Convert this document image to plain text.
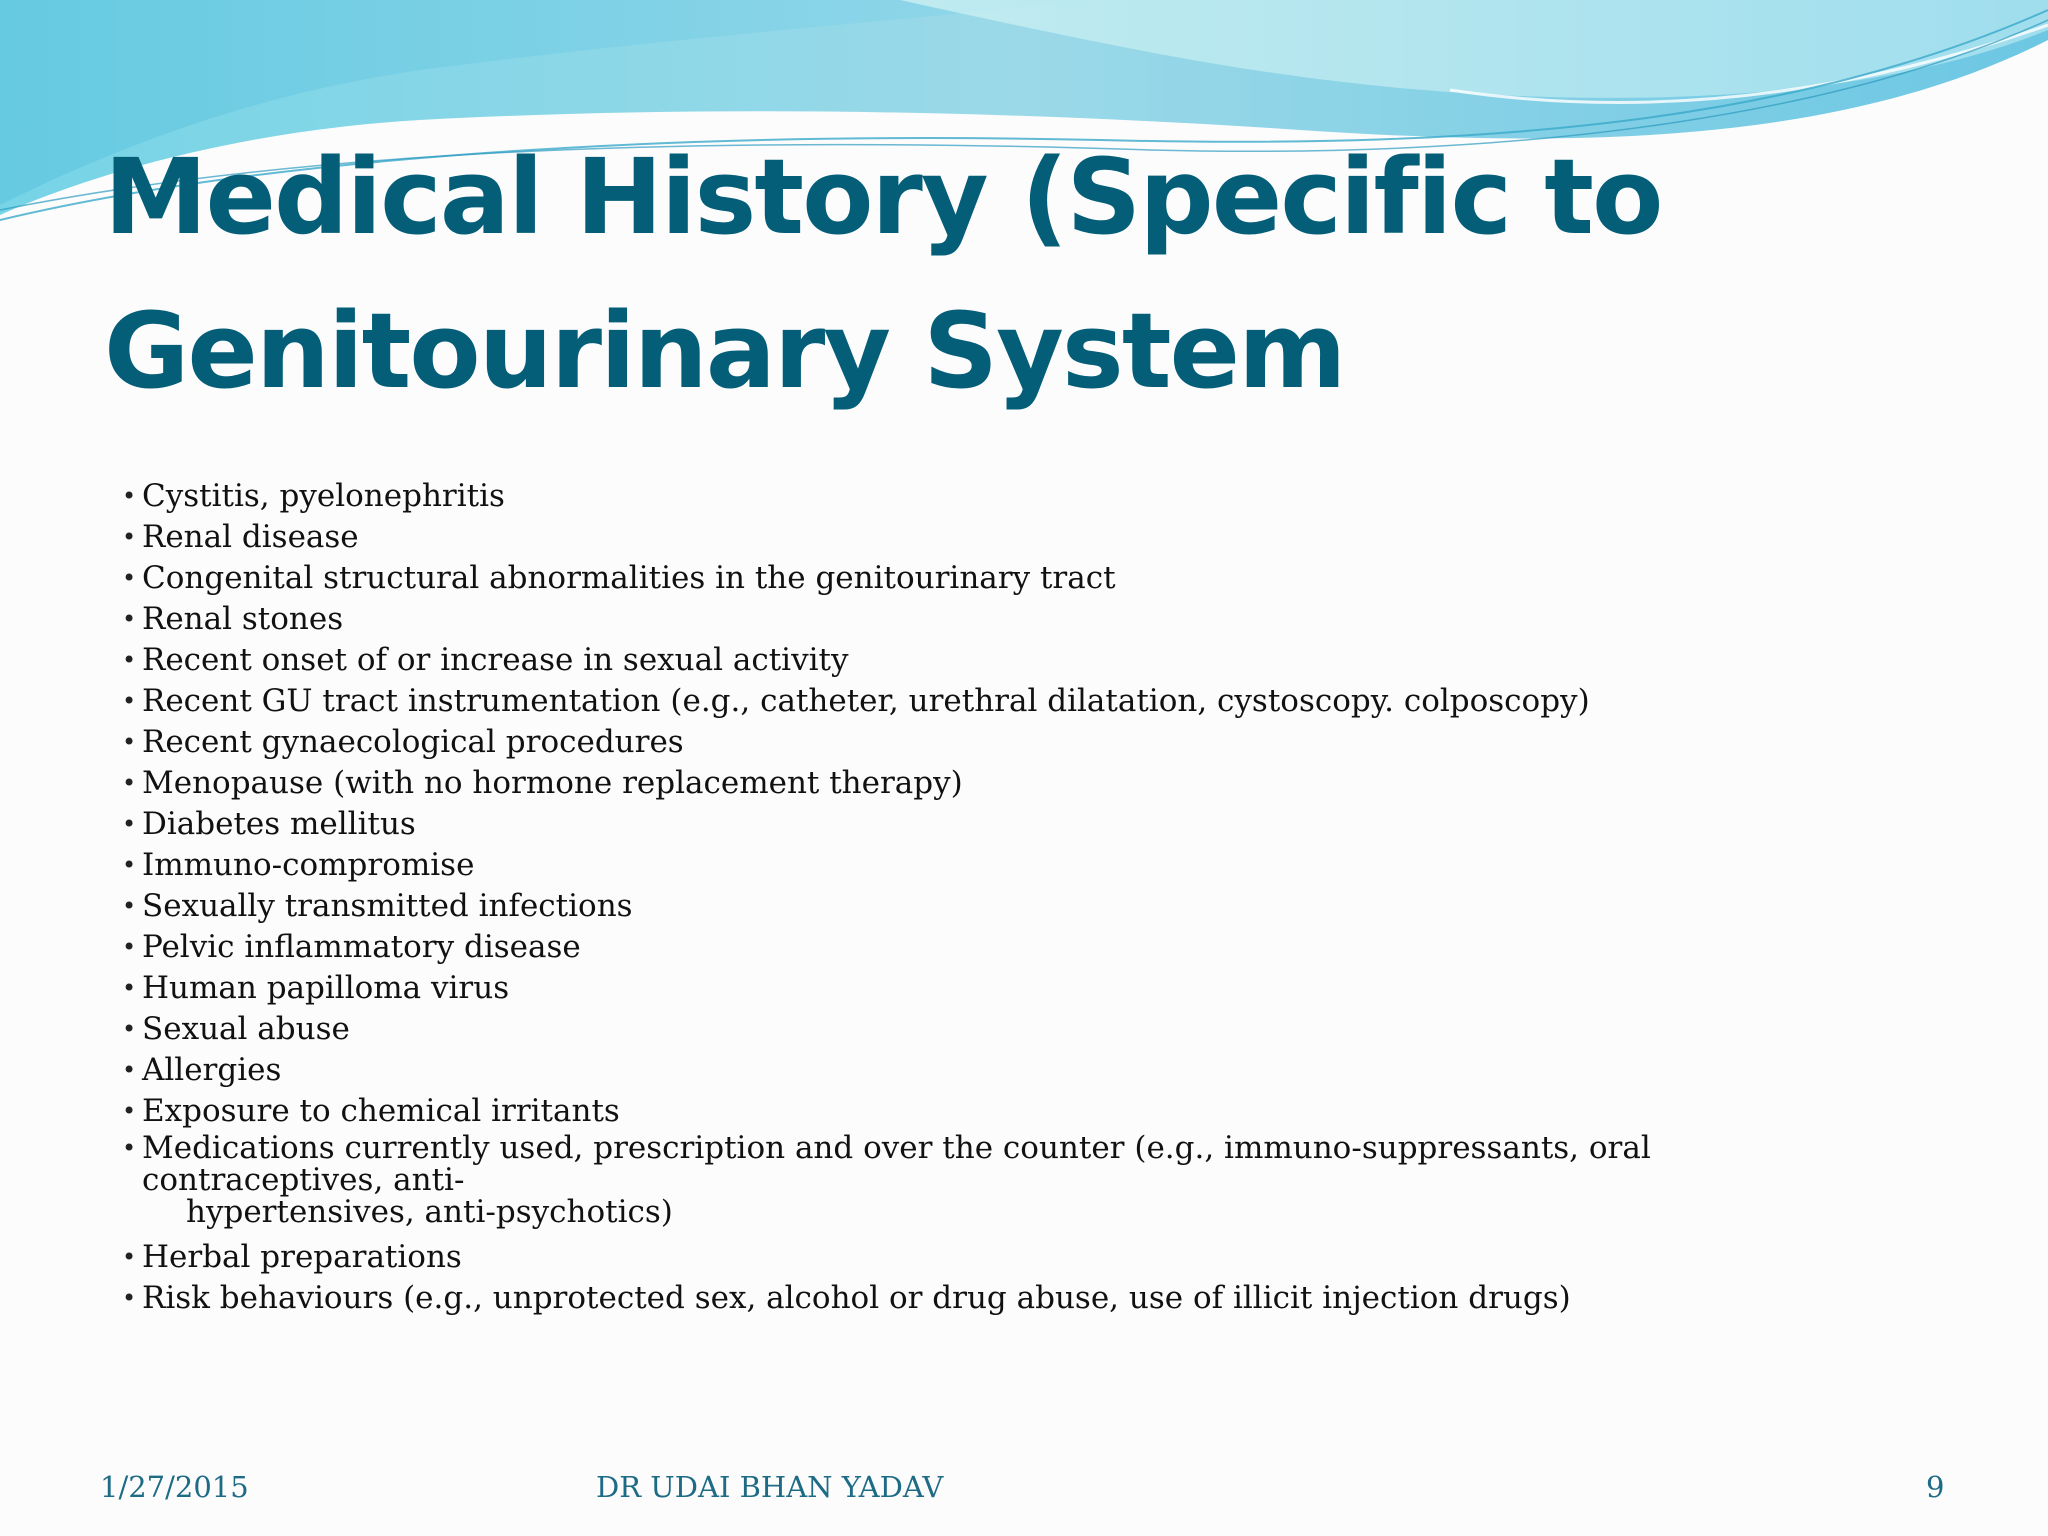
Medical History (Specific to
Genitourinary System
• Cystitis, pyelonephritis
• Renal disease
• Congenital structural abnormalities in the genitourinary tract
• Renal stones
• Recent onset of or increase in sexual activity
• Recent GU tract instrumentation (e.g., catheter, urethral dilatation, cystoscopy. colposcopy)
• Recent gynaecological procedures
• Menopause (with no hormone replacement therapy)
• Diabetes mellitus
• Immuno-compromise
• Sexually transmitted infections
• Pelvic inflammatory disease
• Human papilloma virus
• Sexual abuse
• Allergies
• Exposure to chemical irritants
• Medications currently used, prescription and over the counter (e.g., immuno-suppressants, oral contraceptives, anti-
hypertensives, anti-psychotics)
• Herbal preparations
• Risk behaviours (e.g., unprotected sex, alcohol or drug abuse, use of illicit injection drugs)
1/27/2015	DR UDAI BHAN YADAV	9
